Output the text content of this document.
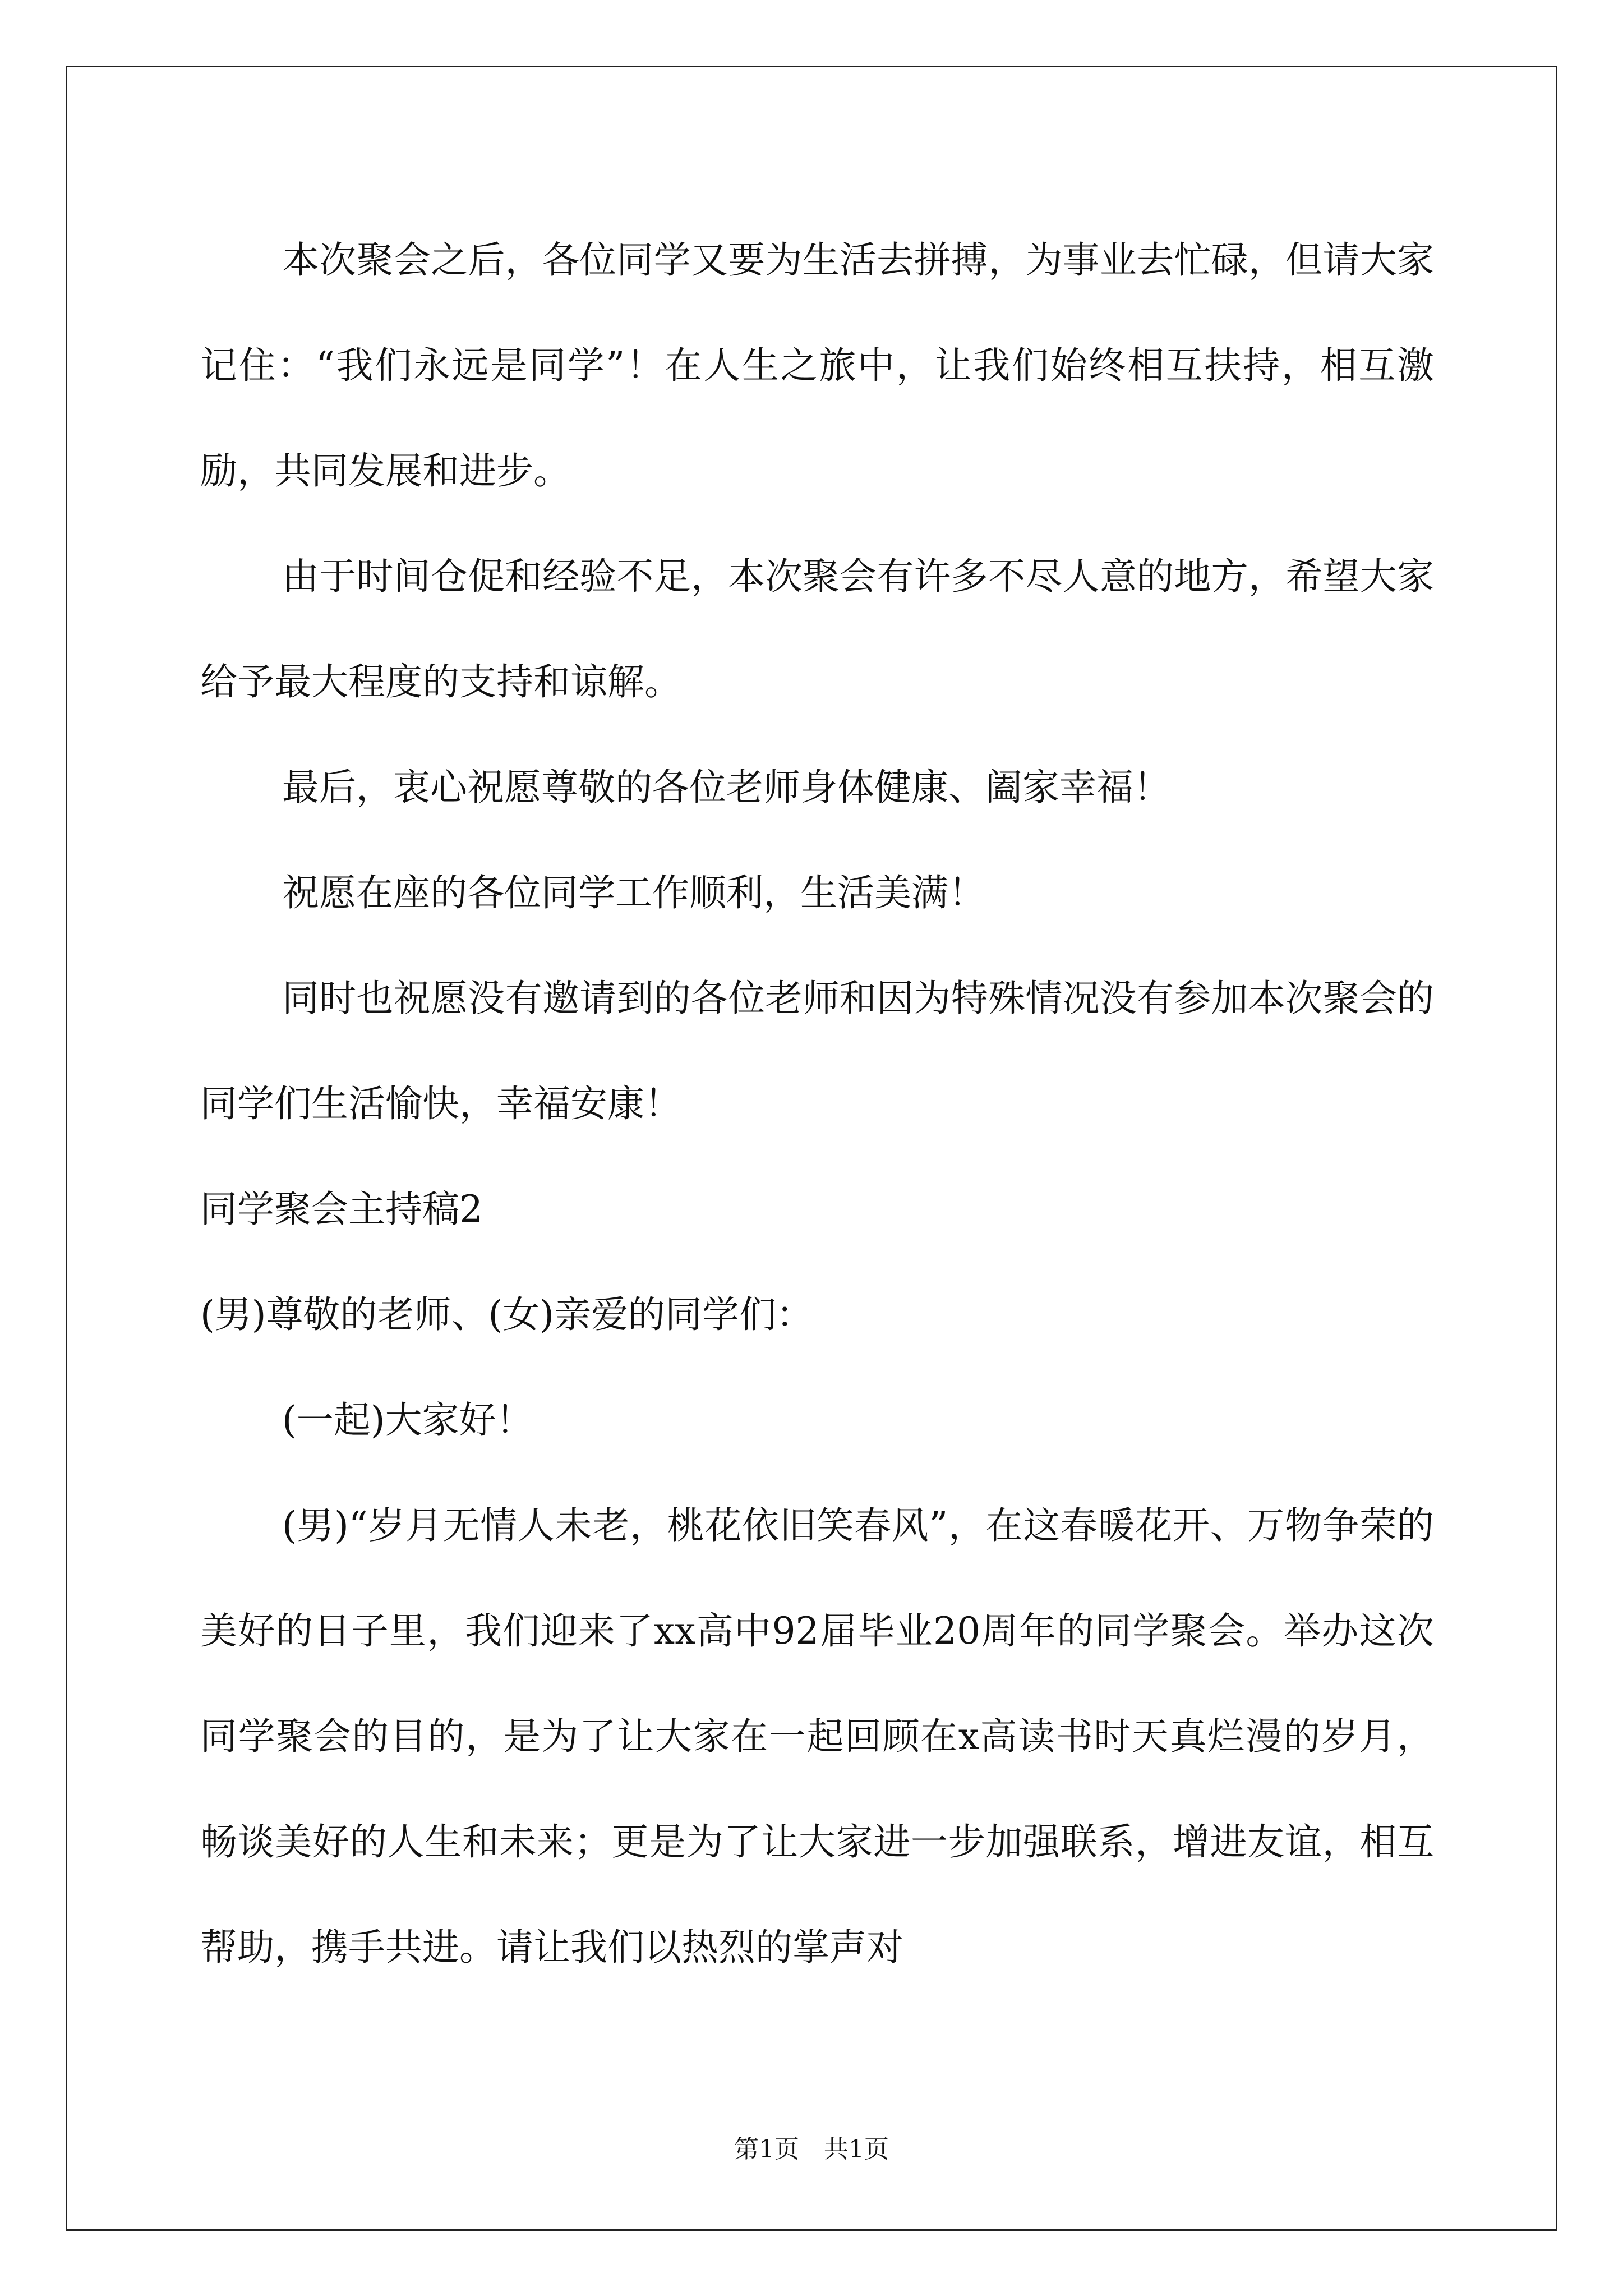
本次聚会之后，各位同学又要为生活去拼搏，为事业去忙碌，但请大家记住：“我们永远是同学”！在人生之旅中，让我们始终相互扶持，相互激励，共同发展和进步。

由于时间仓促和经验不足，本次聚会有许多不尽人意的地方，希望大家给予最大程度的支持和谅解。

最后，衷心祝愿尊敬的各位老师身体健康、阖家幸福！

祝愿在座的各位同学工作顺利，生活美满！

同时也祝愿没有邀请到的各位老师和因为特殊情况没有参加本次聚会的同学们生活愉快，幸福安康！

同学聚会主持稿2

(男)尊敬的老师、(女)亲爱的同学们：

(一起)大家好！

(男)“岁月无情人未老，桃花依旧笑春风”，在这春暖花开、万物争荣的美好的日子里，我们迎来了xx高中92届毕业20周年的同学聚会。举办这次同学聚会的目的，是为了让大家在一起回顾在x高读书时天真烂漫的岁月，畅谈美好的人生和未来；更是为了让大家进一步加强联系，增进友谊，相互帮助，携手共进。请让我们以热烈的掌声对

第1页　共1页
